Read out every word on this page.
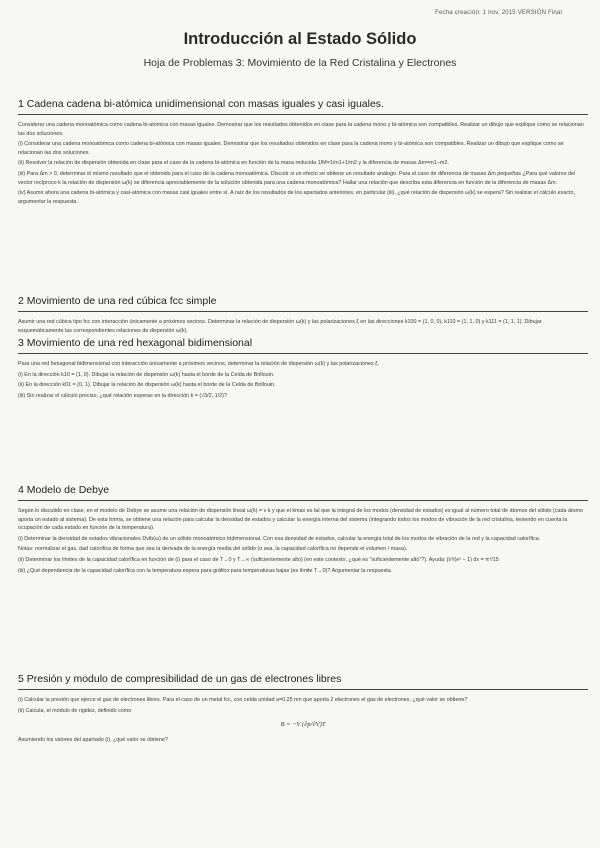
Fecha creación: 1 nov. 2015 VERSIÓN Final
Introducción al Estado Sólido
Hoja de Problemas 3: Movimiento de la Red Cristalina y Electrones
1 Cadena cadena bi-atómica unidimensional con masas iguales y casi iguales.

Considerar una cadena monoatómica como cadena bi-atómica con masas iguales. Demostrar que los resultados obtenidos en clase para la cadena mono y bi-atómica son compatibles. Realizar un dibujo que explique como se relacionan las dos soluciones.

(i) Considerar una cadena monoatómica como cadena bi-atómica con masas iguales. Demostrar que los resultados obtenidos en clase para la cadena mono y bi-atómica son compatibles. Realizar un dibujo que explique como se relacionan las dos soluciones.

(ii) Resolver la relación de dispersión obtenida en clase para el caso de la cadena bi-atómica en función de la masa reducida 1/M=1/m1+1/m2 y la diferencia de masas Δm=m1−m2.

(iii) Para Δm > 0, determinar el mismo resultado que el obtenido para el caso de la cadena monoatómica. Discutir si un efecto se obtiene un resultado análogo. Para el caso de diferencia de masas Δm pequeñas ¿Para qué valores del vector recíproco k la relación de dispersión ω(k) se diferencia apreciablemente de la solución obtenida para una cadena monoatómica? Hallar una relación que describa esta diferencia en función de la diferencia de masas Δm.

(iv) Asumir ahora una cadena bi-atómica y casi-atómica con masas casi iguales entre sí. A raíz de los resultados de los apartados anteriores, en particular (iii), ¿qué relación de dispersión ω(k) se espera? Sin realizar el cálculo exacto, argumentar la respuesta.

2 Movimiento de una red cúbica fcc simple

Asumir una red cúbica tipo fcc con interacción únicamente a próximos vecinos. Determinar la relación de dispersión ω(k) y las polarizaciones ξ en las direcciones k100 = (1, 0, 0), k110 = (1, 1, 0) y k111 = (1, 1, 1). Dibujar esquemáticamente las correspondientes relaciones de dispersión ω(k).

3 Movimiento de una red hexagonal bidimensional

Para una red hexagonal bidimensional con interacción únicamente a próximos vecinos, determinar la relación de dispersión ω(k) y las polarizaciones ξ.

(i) En la dirección k10 = (1, 0). Dibujar la relación de dispersión ω(k) hasta el borde de la Celda de Brillouin.

(ii) En la dirección k01 = (0, 1). Dibujar la relación de dispersión ω(k) hasta el borde de la Celda de Brillouin.

(iii) Sin realizar el cálculo preciso, ¿qué relación esperas en la dirección k = (√3/2, 1/2)?

4 Modelo de Debye

Según lo discutido en clase, en el modelo de Debye se asume una relación de dispersión lineal ω(k) = v k y que el kmax es tal que la integral de los modos (densidad de estados) es igual al número total de átomos del sólido (cada átomo aporta un estado al sistema). De esta forma, se obtiene una relación para calcular la densidad de estados y calcular la energía interna del sistema (integrando todos los modos de vibración de la red cristalina, teniendo en cuenta la ocupación de cada estado en función de la temperatura).

(i) Determinar la densidad de estados vibracionales Dvib(ω) de un sólido monoatómico tridimensional. Con esa densidad de estados, calcular la energía total de los modos de vibración de la red y la capacidad calorífica.

Notas: normalizar el gas, dad calorífica de forma que sea la derivada de la energía media del sólido (o sea, la capacidad calorífica no depende el volumen / masa).

(ii) Determinar los límites de la capacidad calorífica en función de (i) para el caso de T→0 y T→∞ (suficientemente alto) (en este contexto, ¿qué es "suficientemente alto"?). Ayuda: ∫x³/(eˣ − 1) dx = π⁴/15

(iii) ¿Qué dependencia de la capacidad calorífica con la temperatura espera para gráfico para temperaturas bajas (es límite T→0)? Argumentar la respuesta.

5 Presión y modulo de compresibilidad de un gas de electrones libres

(i) Calcular la presión que ejerce el gas de electrones libres. Para el caso de un metal fcc, con celda unidad a=0.25 nm que aporta 2 electrones el gas de electrones, ¿qué valor se obtiene?

(ii) Calcula, el módulo de rigidez, definido como

B = −V (∂p/∂V)T

Asumiendo los valores del apartado (i), ¿qué valor se obtiene?
